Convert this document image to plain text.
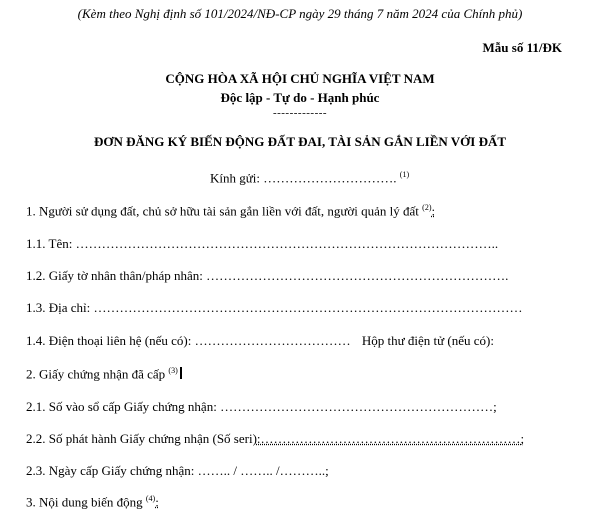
(Kèm theo Nghị định số 101/2024/NĐ-CP ngày 29 tháng 7 năm 2024 của Chính phủ)
Mẫu số 11/ĐK
CỘNG HÒA XÃ HỘI CHỦ NGHĨA VIỆT NAM
Độc lập - Tự do - Hạnh phúc
-------------
ĐƠN ĐĂNG KÝ BIẾN ĐỘNG ĐẤT ĐAI, TÀI SẢN GẮN LIỀN VỚI ĐẤT
Kính gửi: …………………………. $^{(1)}$
1. Người sử dụng đất, chủ sở hữu tài sản gắn liền với đất, người quản lý đất $^{(2)}$:
1.1. Tên: ……………………………………………………………………………………..
1.2. Giấy tờ nhân thân/pháp nhân: …………………………………………………………….
1.3. Địa chỉ: ………………………………………………………………………………………
1.4. Điện thoại liên hệ (nếu có): ……………………………… Hộp thư điện tử (nếu có):
2. Giấy chứng nhận đã cấp $^{(3)}$
2.1. Số vào sổ cấp Giấy chứng nhận: ………………………………………………………;
2.2. Số phát hành Giấy chứng nhận (Số seri):……………………………………………………;
2.3. Ngày cấp Giấy chứng nhận: …….. / …….. /………..;
3. Nội dung biến động $^{(4)}$:
